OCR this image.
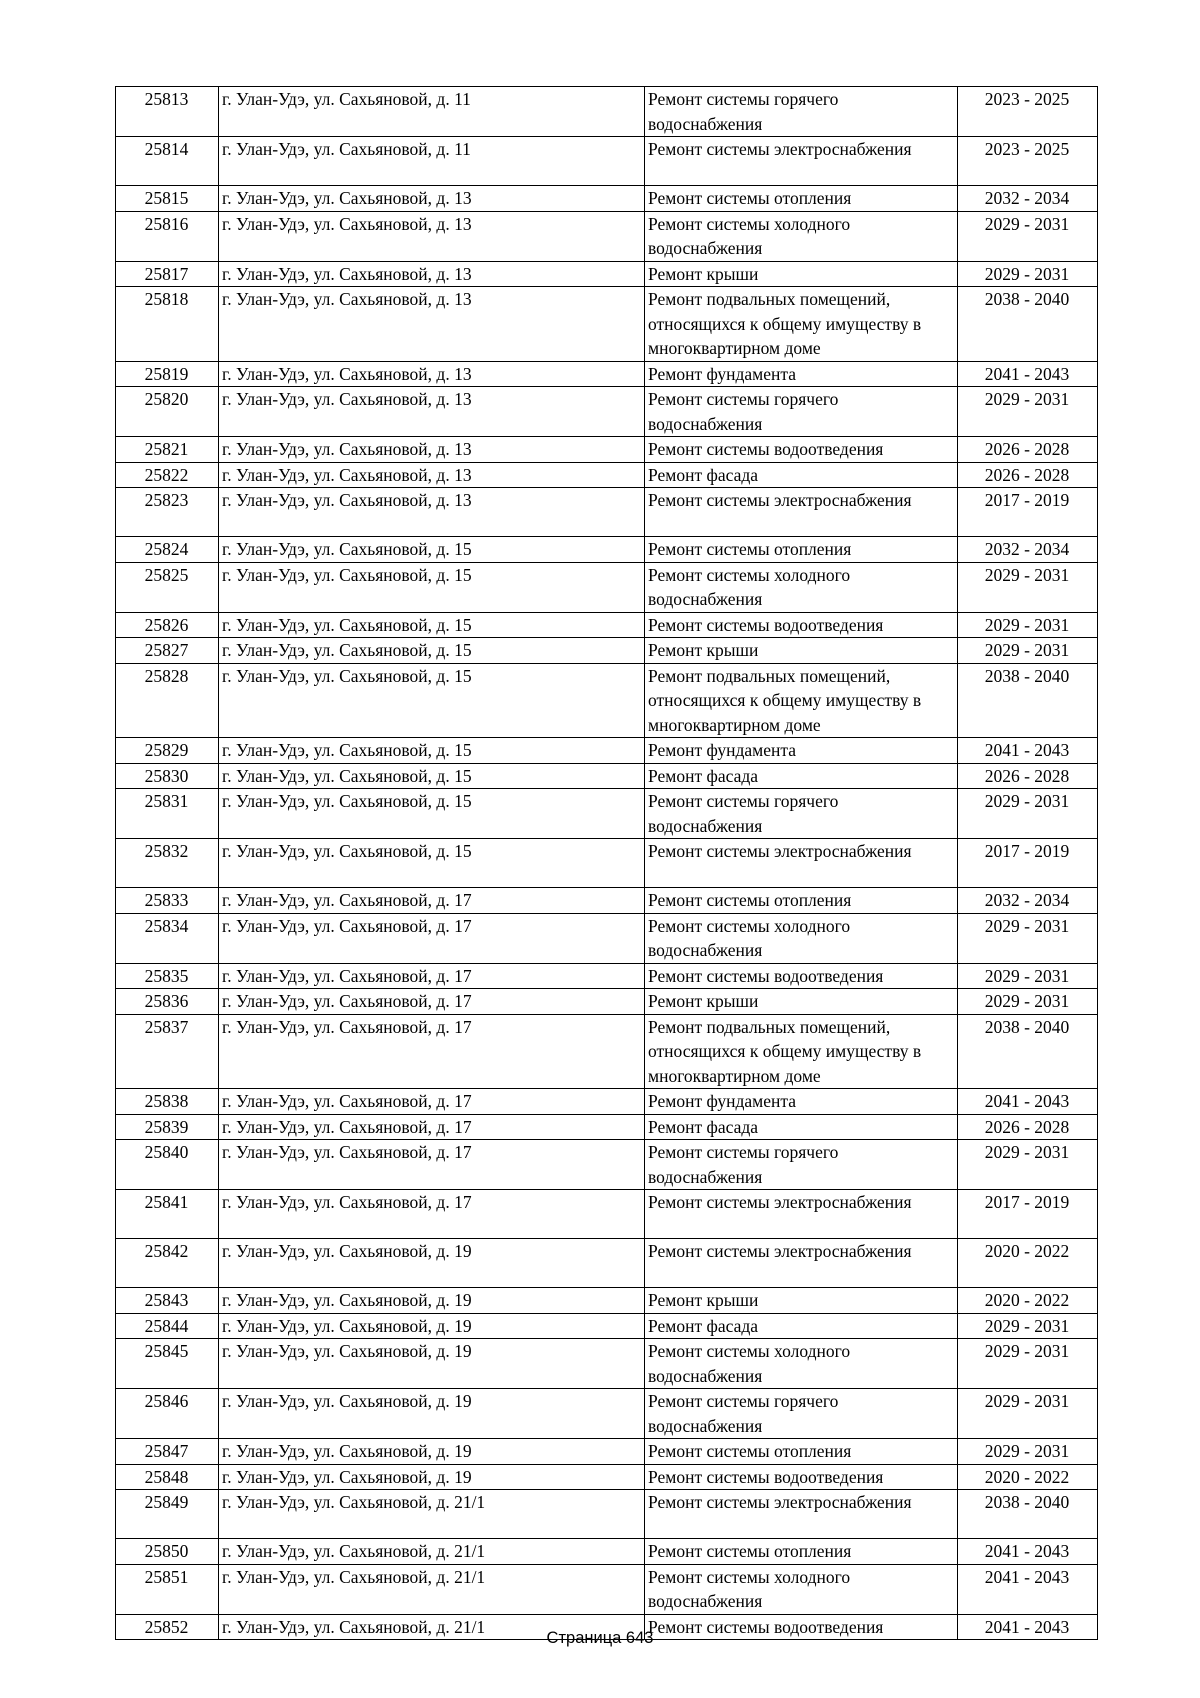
25813	г. Улан-Удэ, ул. Сахьяновой, д. 11	Ремонт системы горячего водоснабжения	2023 - 2025
25814	г. Улан-Удэ, ул. Сахьяновой, д. 11	Ремонт системы электроснабжения	2023 - 2025
25815	г. Улан-Удэ, ул. Сахьяновой, д. 13	Ремонт системы отопления	2032 - 2034
25816	г. Улан-Удэ, ул. Сахьяновой, д. 13	Ремонт системы холодного водоснабжения	2029 - 2031
25817	г. Улан-Удэ, ул. Сахьяновой, д. 13	Ремонт крыши	2029 - 2031
25818	г. Улан-Удэ, ул. Сахьяновой, д. 13	Ремонт подвальных помещений, относящихся к общему имуществу в многоквартирном доме	2038 - 2040
25819	г. Улан-Удэ, ул. Сахьяновой, д. 13	Ремонт фундамента	2041 - 2043
25820	г. Улан-Удэ, ул. Сахьяновой, д. 13	Ремонт системы горячего водоснабжения	2029 - 2031
25821	г. Улан-Удэ, ул. Сахьяновой, д. 13	Ремонт системы водоотведения	2026 - 2028
25822	г. Улан-Удэ, ул. Сахьяновой, д. 13	Ремонт фасада	2026 - 2028
25823	г. Улан-Удэ, ул. Сахьяновой, д. 13	Ремонт системы электроснабжения	2017 - 2019
25824	г. Улан-Удэ, ул. Сахьяновой, д. 15	Ремонт системы отопления	2032 - 2034
25825	г. Улан-Удэ, ул. Сахьяновой, д. 15	Ремонт системы холодного водоснабжения	2029 - 2031
25826	г. Улан-Удэ, ул. Сахьяновой, д. 15	Ремонт системы водоотведения	2029 - 2031
25827	г. Улан-Удэ, ул. Сахьяновой, д. 15	Ремонт крыши	2029 - 2031
25828	г. Улан-Удэ, ул. Сахьяновой, д. 15	Ремонт подвальных помещений, относящихся к общему имуществу в многоквартирном доме	2038 - 2040
25829	г. Улан-Удэ, ул. Сахьяновой, д. 15	Ремонт фундамента	2041 - 2043
25830	г. Улан-Удэ, ул. Сахьяновой, д. 15	Ремонт фасада	2026 - 2028
25831	г. Улан-Удэ, ул. Сахьяновой, д. 15	Ремонт системы горячего водоснабжения	2029 - 2031
25832	г. Улан-Удэ, ул. Сахьяновой, д. 15	Ремонт системы электроснабжения	2017 - 2019
25833	г. Улан-Удэ, ул. Сахьяновой, д. 17	Ремонт системы отопления	2032 - 2034
25834	г. Улан-Удэ, ул. Сахьяновой, д. 17	Ремонт системы холодного водоснабжения	2029 - 2031
25835	г. Улан-Удэ, ул. Сахьяновой, д. 17	Ремонт системы водоотведения	2029 - 2031
25836	г. Улан-Удэ, ул. Сахьяновой, д. 17	Ремонт крыши	2029 - 2031
25837	г. Улан-Удэ, ул. Сахьяновой, д. 17	Ремонт подвальных помещений, относящихся к общему имуществу в многоквартирном доме	2038 - 2040
25838	г. Улан-Удэ, ул. Сахьяновой, д. 17	Ремонт фундамента	2041 - 2043
25839	г. Улан-Удэ, ул. Сахьяновой, д. 17	Ремонт фасада	2026 - 2028
25840	г. Улан-Удэ, ул. Сахьяновой, д. 17	Ремонт системы горячего водоснабжения	2029 - 2031
25841	г. Улан-Удэ, ул. Сахьяновой, д. 17	Ремонт системы электроснабжения	2017 - 2019
25842	г. Улан-Удэ, ул. Сахьяновой, д. 19	Ремонт системы электроснабжения	2020 - 2022
25843	г. Улан-Удэ, ул. Сахьяновой, д. 19	Ремонт крыши	2020 - 2022
25844	г. Улан-Удэ, ул. Сахьяновой, д. 19	Ремонт фасада	2029 - 2031
25845	г. Улан-Удэ, ул. Сахьяновой, д. 19	Ремонт системы холодного водоснабжения	2029 - 2031
25846	г. Улан-Удэ, ул. Сахьяновой, д. 19	Ремонт системы горячего водоснабжения	2029 - 2031
25847	г. Улан-Удэ, ул. Сахьяновой, д. 19	Ремонт системы отопления	2029 - 2031
25848	г. Улан-Удэ, ул. Сахьяновой, д. 19	Ремонт системы водоотведения	2020 - 2022
25849	г. Улан-Удэ, ул. Сахьяновой, д. 21/1	Ремонт системы электроснабжения	2038 - 2040
25850	г. Улан-Удэ, ул. Сахьяновой, д. 21/1	Ремонт системы отопления	2041 - 2043
25851	г. Улан-Удэ, ул. Сахьяновой, д. 21/1	Ремонт системы холодного водоснабжения	2041 - 2043
25852	г. Улан-Удэ, ул. Сахьяновой, д. 21/1	Ремонт системы водоотведения	2041 - 2043
Страница 643
